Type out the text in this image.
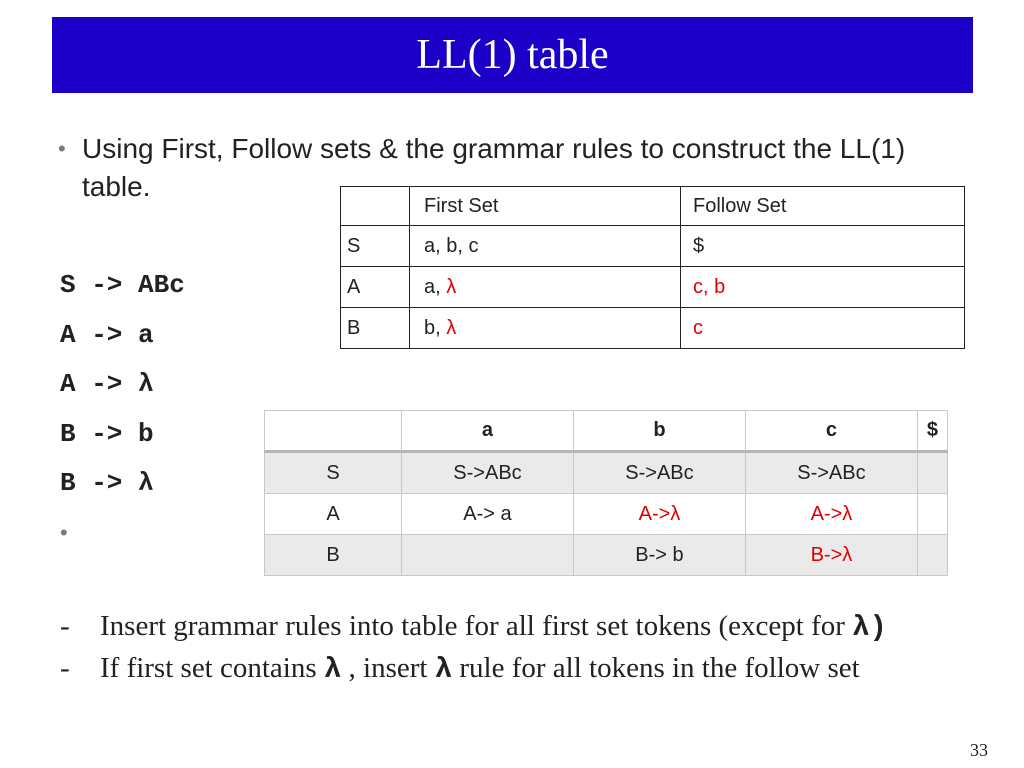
LL(1) table
• Using First, Follow sets & the grammar rules to construct the LL(1) table.
S -> ABc
A -> a
A -> λ
B -> b
B -> λ
•
	First Set	Follow Set
S	a, b, c	$
A	a, λ	c, b
B	b, λ	c
	a	b	c	$
S	S->ABc	S->ABc	S->ABc	
A	A-> a	A->λ	A->λ	
B		B-> b	B->λ	
- Insert grammar rules into table for all first set tokens (except for λ)
- If first set contains λ , insert λ rule for all tokens in the follow set
33
